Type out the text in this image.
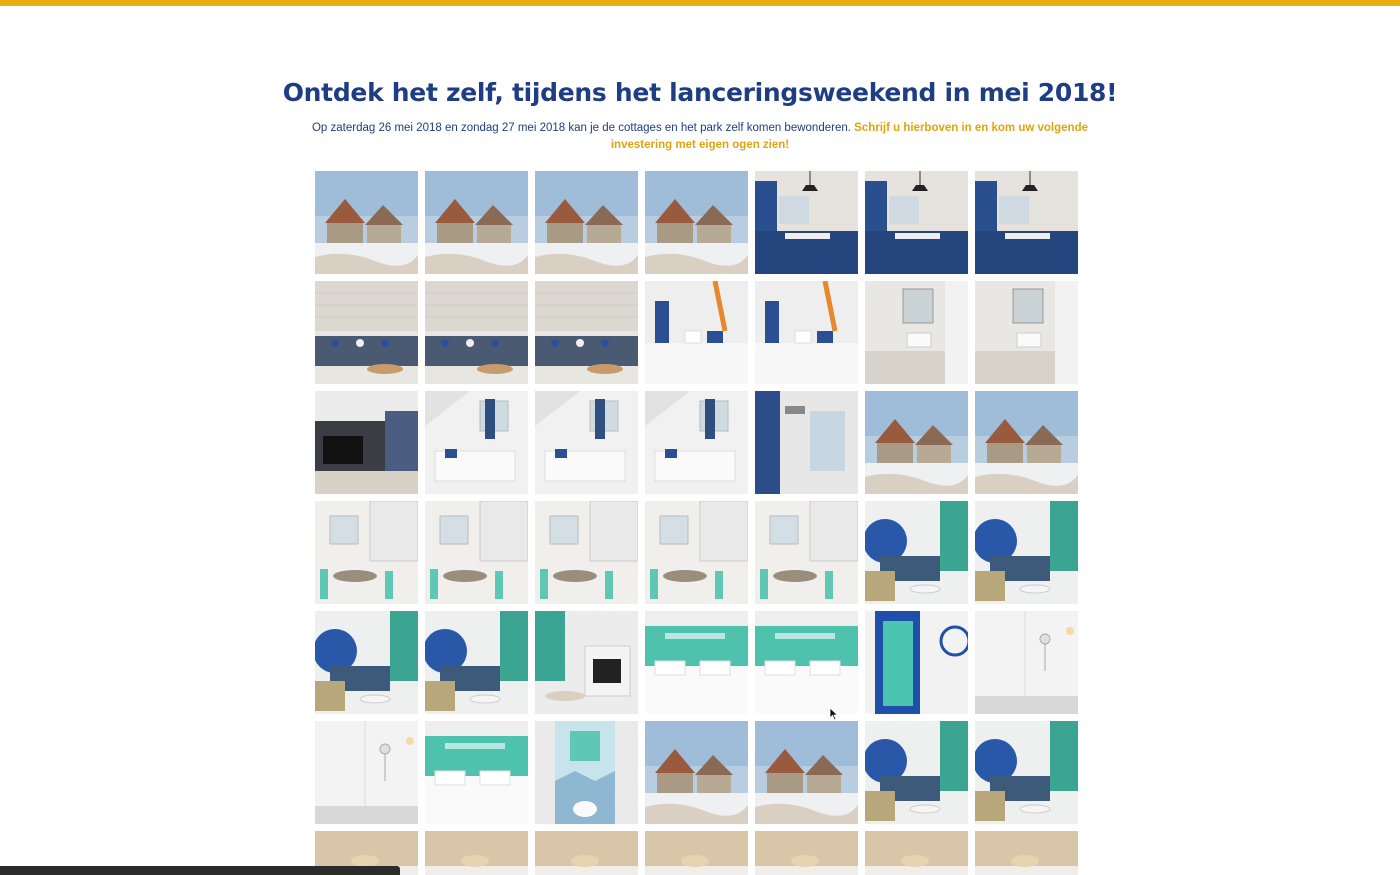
Ontdek het zelf, tijdens het lanceringsweekend in mei 2018!

Op zaterdag 26 mei 2018 en zondag 27 mei 2018 kan je de cottages en het park zelf komen bewonderen. Schrijf u hierboven in en kom uw volgende investering met eigen ogen zien!
